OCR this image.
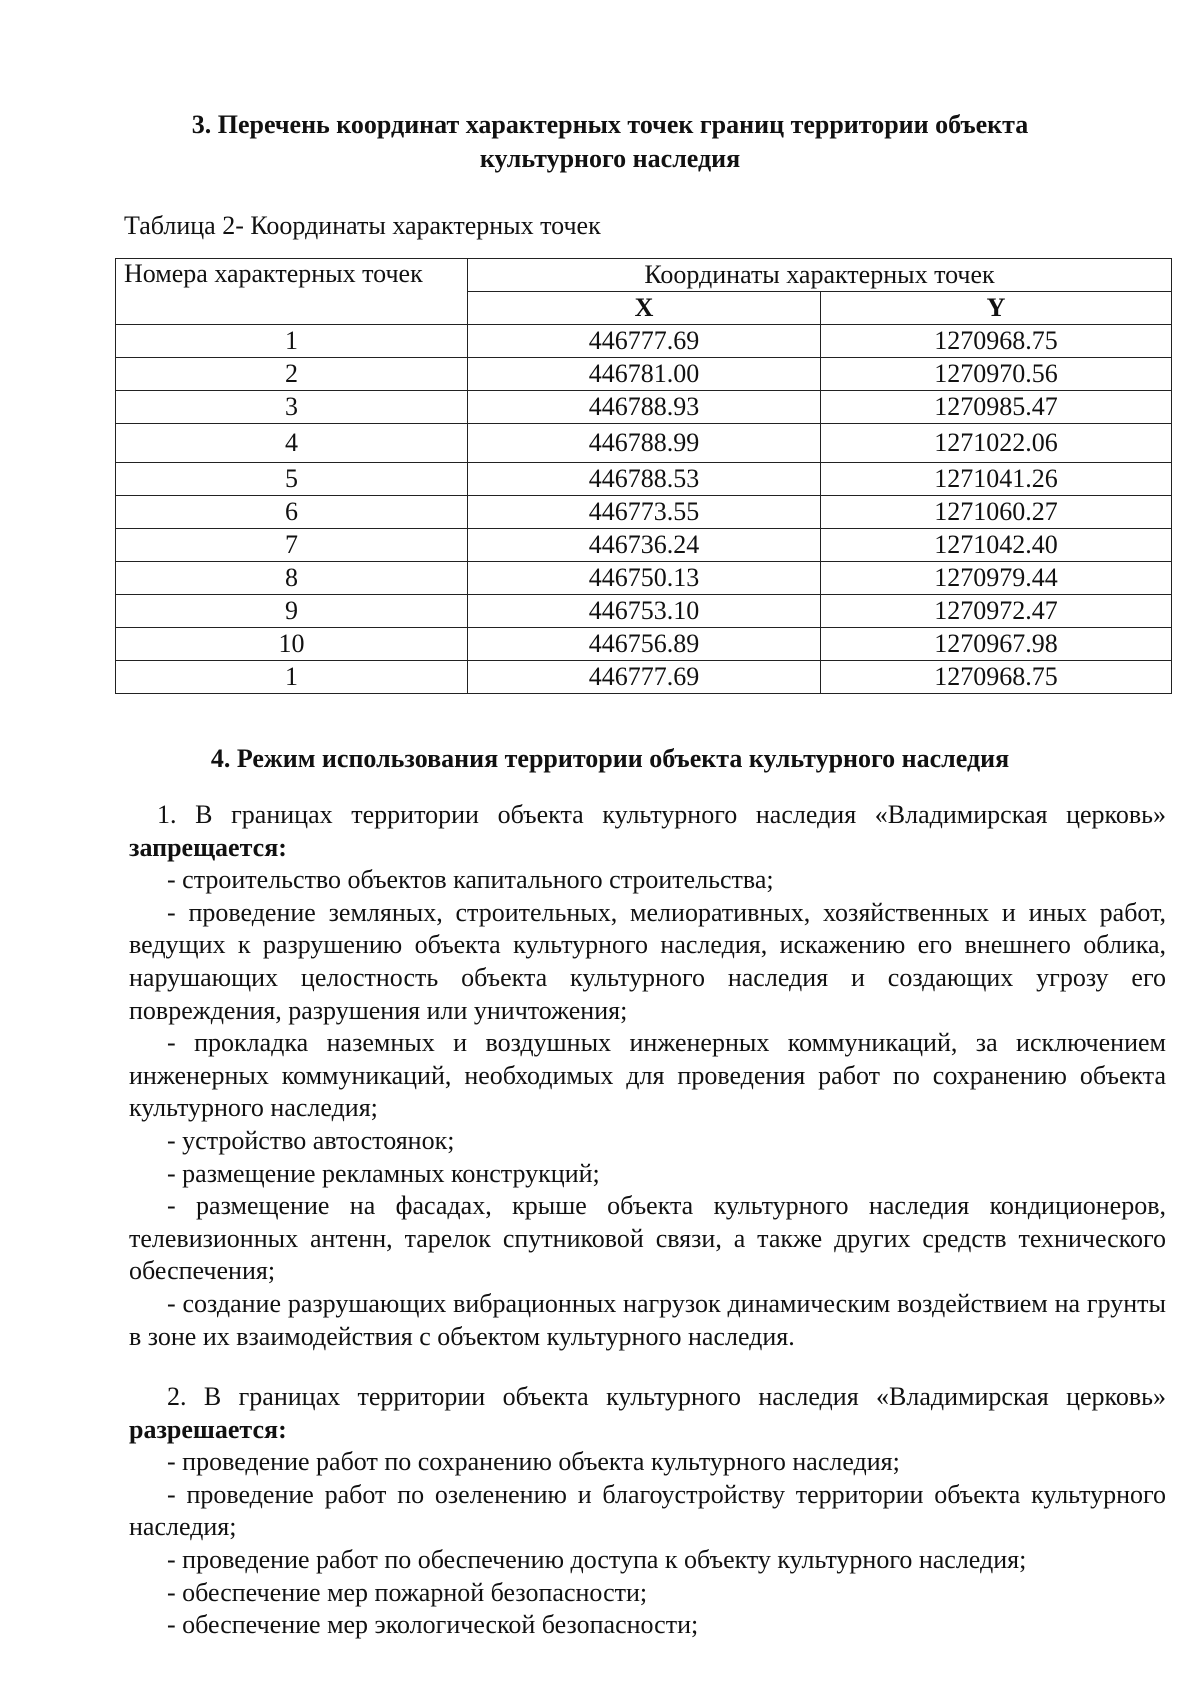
3. Перечень координат характерных точек границ территории объекта
культурного наследия
Таблица 2- Координаты характерных точек
Номера характерных точек	Координаты характерных точек	
	X	Y
1	446777.69	1270968.75
2	446781.00	1270970.56
3	446788.93	1270985.47
4	446788.99	1271022.06
5	446788.53	1271041.26
6	446773.55	1271060.27
7	446736.24	1271042.40
8	446750.13	1270979.44
9	446753.10	1270972.47
10	446756.89	1270967.98
1	446777.69	1270968.75
4. Режим использования территории объекта культурного наследия

1. В границах территории объекта культурного наследия «Владимирская церковь» запрещается:

- строительство объектов капитального строительства;

- проведение земляных, строительных, мелиоративных, хозяйственных и иных работ, ведущих к разрушению объекта культурного наследия, искажению его внешнего облика, нарушающих целостность объекта культурного наследия и создающих угрозу его повреждения, разрушения или уничтожения;

- прокладка наземных и воздушных инженерных коммуникаций, за исключением инженерных коммуникаций, необходимых для проведения работ по сохранению объекта культурного наследия;

- устройство автостоянок;

- размещение рекламных конструкций;

- размещение на фасадах, крыше объекта культурного наследия кондиционеров, телевизионных антенн, тарелок спутниковой связи, а также других средств технического обеспечения;

- создание разрушающих вибрационных нагрузок динамическим воздействием на грунты в зоне их взаимодействия с объектом культурного наследия.

2. В границах территории объекта культурного наследия «Владимирская церковь» разрешается:

- проведение работ по сохранению объекта культурного наследия;

- проведение работ по озеленению и благоустройству территории объекта культурного наследия;

- проведение работ по обеспечению доступа к объекту культурного наследия;

- обеспечение мер пожарной безопасности;

- обеспечение мер экологической безопасности;
